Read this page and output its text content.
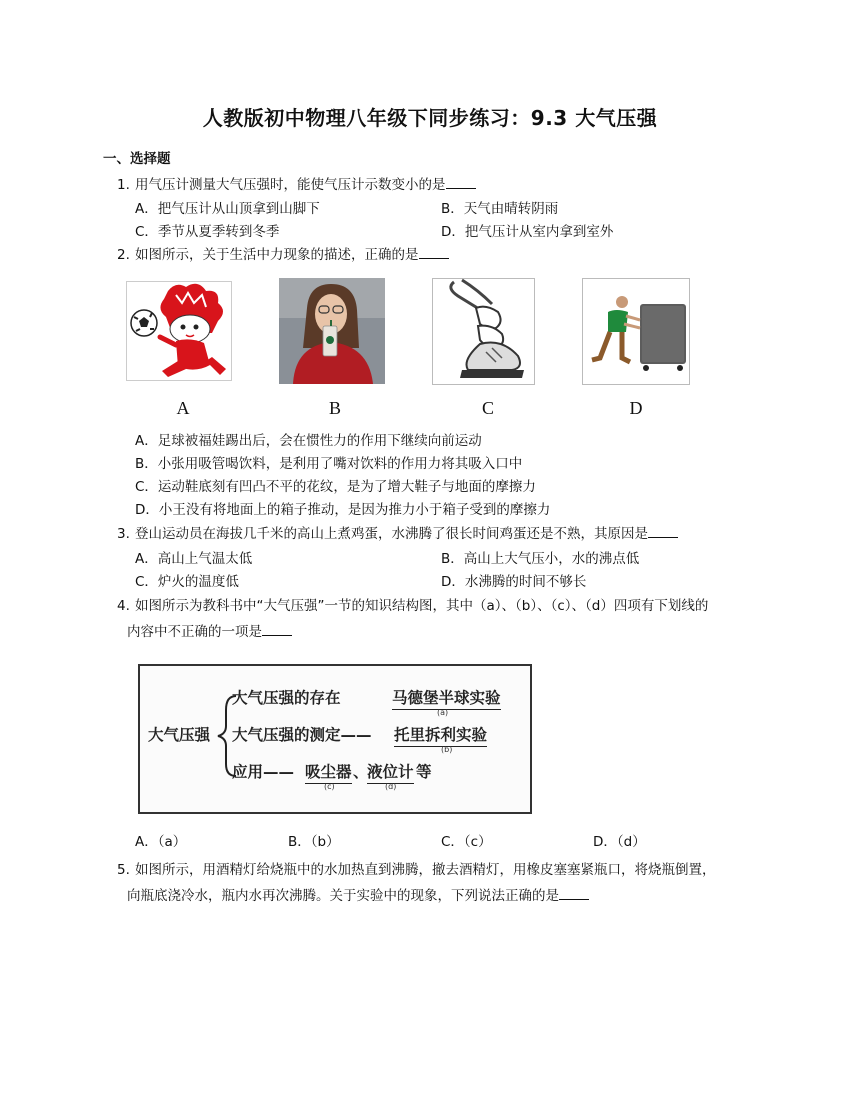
人教版初中物理八年级下同步练习：9.3 大气压强
一、选择题
1. 用气压计测量大气压强时，能使气压计示数变小的是
A．把气压计从山顶拿到山脚下	B．天气由晴转阴雨
C．季节从夏季转到冬季	D．把气压计从室内拿到室外
2. 如图所示，关于生活中力现象的描述，正确的是
A	B	C	D
A．足球被福娃踢出后，会在惯性力的作用下继续向前运动
B．小张用吸管喝饮料，是利用了嘴对饮料的作用力将其吸入口中
C．运动鞋底刻有凹凸不平的花纹，是为了增大鞋子与地面的摩擦力
D．小王没有将地面上的箱子推动，是因为推力小于箱子受到的摩擦力
3. 登山运动员在海拔几千米的高山上煮鸡蛋，水沸腾了很长时间鸡蛋还是不熟，其原因是
A．高山上气温太低	B．高山上大气压小，水的沸点低
C．炉火的温度低	D．水沸腾的时间不够长
4. 如图所示为教科书中“大气压强”一节的知识结构图，其中（a）、（b）、（c）、（d）四项有下划线的
内容中不正确的一项是
大气压强
大气压强的存在	马德堡半球实验
(a)
大气压强的测定—— 托里拆利实验
(b)
应用—— 吸尘器 、
液位计 等
(c)	(d)
A．（a）	B．（b）	C．（c）	D．（d）
5. 如图所示，用酒精灯给烧瓶中的水加热直到沸腾，撤去酒精灯，用橡皮塞塞紧瓶口，将烧瓶倒置，
向瓶底浇冷水，瓶内水再次沸腾。关于实验中的现象，下列说法正确的是
